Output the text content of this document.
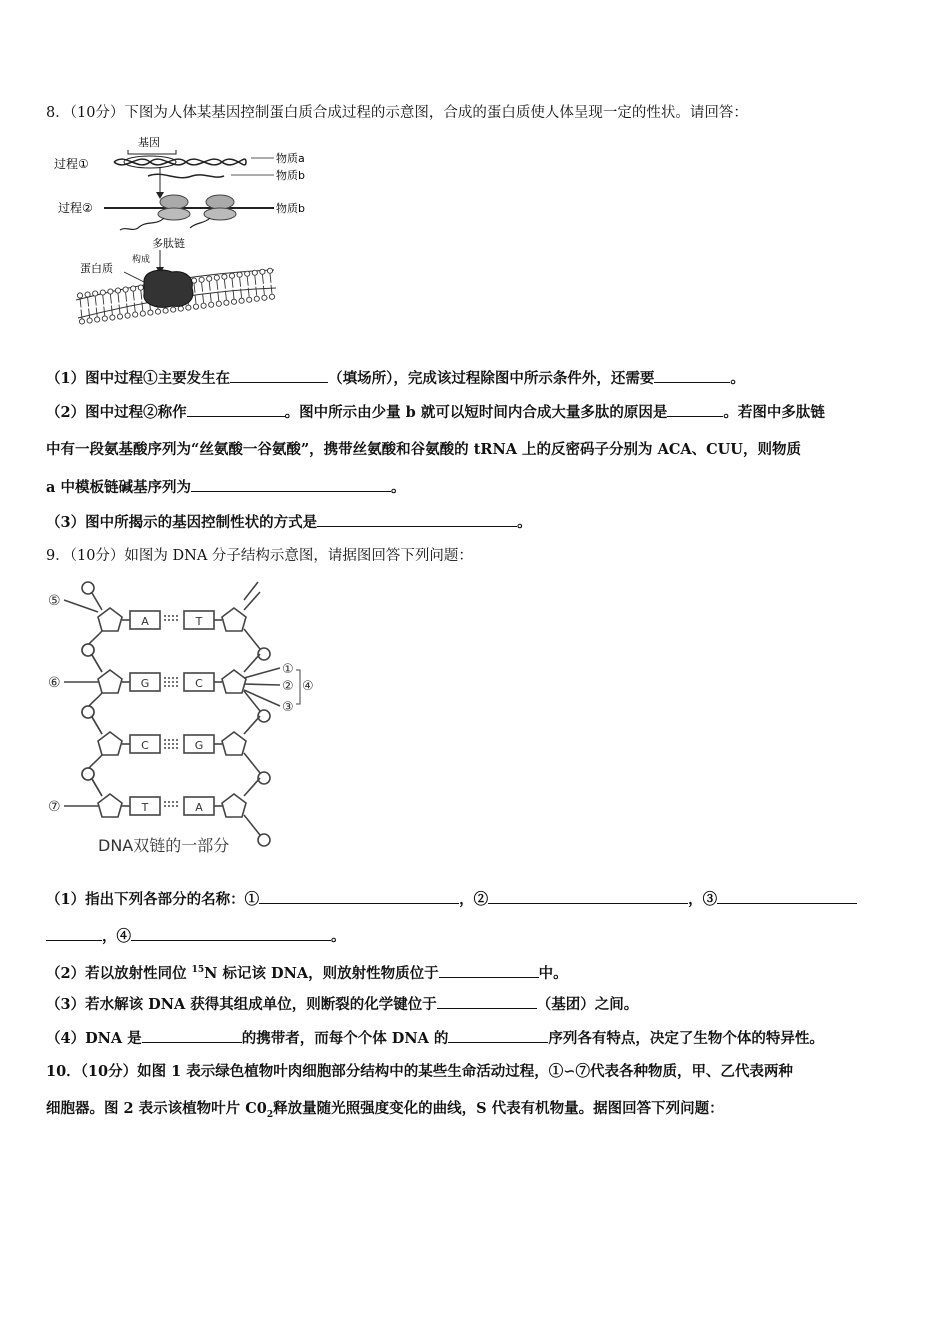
8．（10分）下图为人体某基因控制蛋白质合成过程的示意图，合成的蛋白质使人体呈现一定的性状。请回答：
过程①
过程②
基因
物质a
物质b
物质b
多肽链
构成
蛋白质
（1）图中过程①主要发生在	（填场所），完成该过程除图中所示条件外，还需要	。
（2）图中过程②称作	。图中所示由少量 b 就可以短时间内合成大量多肽的原因是	。若图中多肽链
中有一段氨基酸序列为“丝氨酸一谷氨酸”，携带丝氨酸和谷氨酸的 tRNA 上的反密码子分别为 ACA、CUU，则物质
a 中模板链碱基序列为	。
（3）图中所揭示的基因控制性状的方式是	。
9．（10分）如图为 DNA 分子结构示意图，请据图回答下列问题：
A	T
G	C
C	G
T	A
⑤
⑥
⑦
①
②
③
④
DNA双链的一部分
（1）指出下列各部分的名称：①	，②	，③
，④	。
（2）若以放射性同位 $^{15}$N 标记该 DNA，则放射性物质位于	中。
（3）若水解该 DNA 获得其组成单位，则断裂的化学键位于	（基团）之间。
（4）DNA 是	的携带者，而每个个体 DNA 的	序列各有特点，决定了生物个体的特异性。
10．（10分）如图 1 表示绿色植物叶肉细胞部分结构中的某些生命活动过程，①∽⑦代表各种物质，甲、乙代表两种
细胞器。图 2 表示该植物叶片 $C0_2$释放量随光照强度变化的曲线，S 代表有机物量。据图回答下列问题：
